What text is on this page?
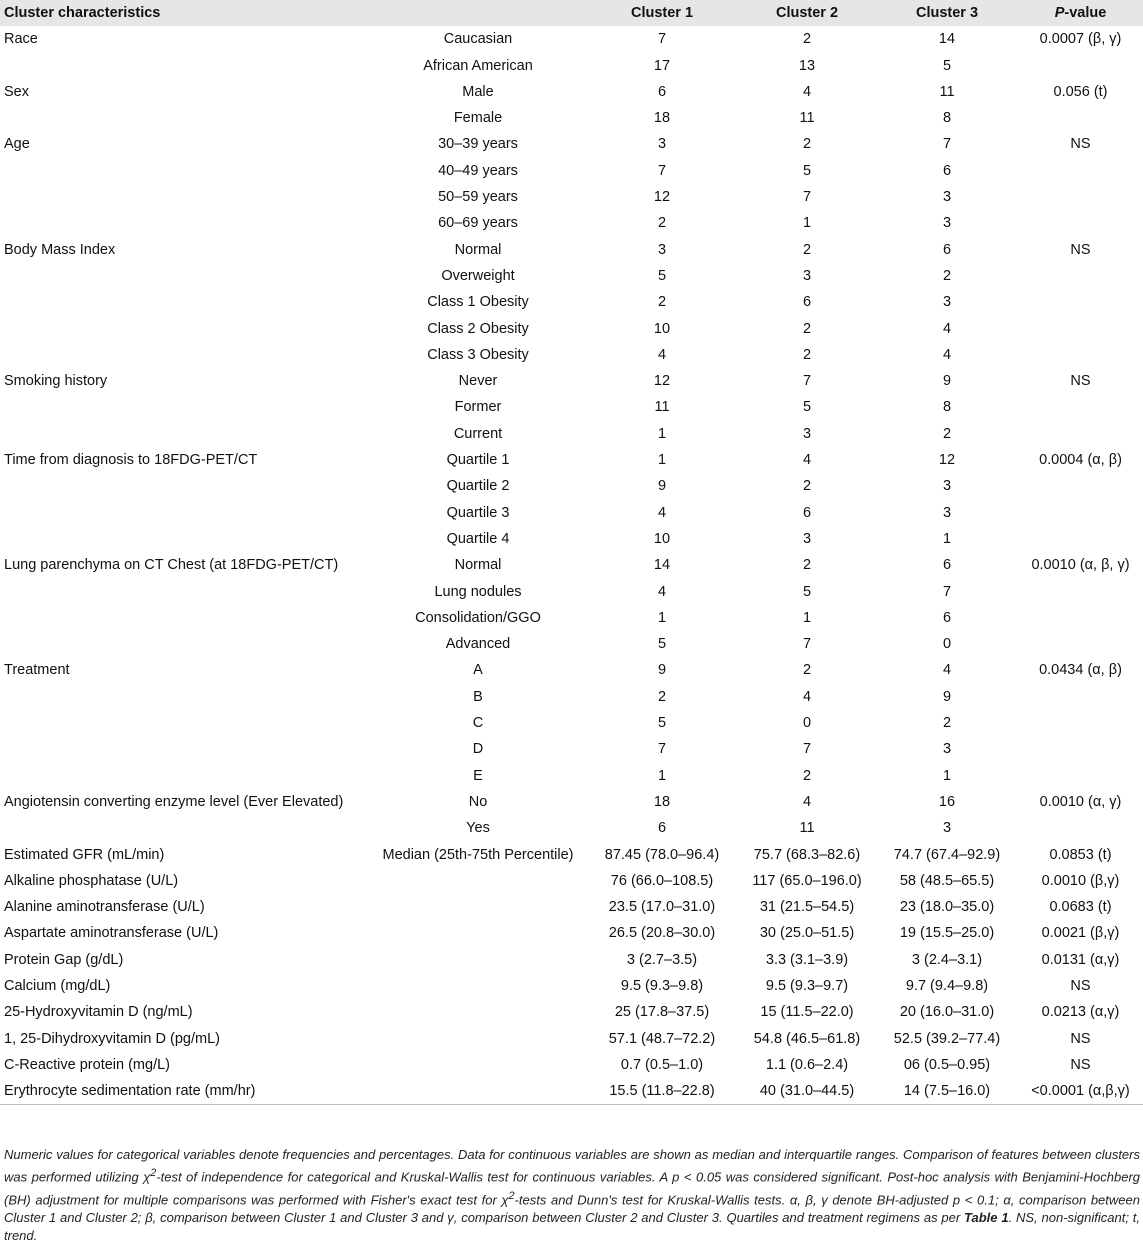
Cluster characteristics		Cluster 1	Cluster 2	Cluster 3	P-value
Race	Caucasian	7	2	14	0.0007 (β, γ)
	African American	17	13	5	
Sex	Male	6	4	11	0.056 (t)
	Female	18	11	8	
Age	30–39 years	3	2	7	NS
	40–49 years	7	5	6	
	50–59 years	12	7	3	
	60–69 years	2	1	3	
Body Mass Index	Normal	3	2	6	NS
	Overweight	5	3	2	
	Class 1 Obesity	2	6	3	
	Class 2 Obesity	10	2	4	
	Class 3 Obesity	4	2	4	
Smoking history	Never	12	7	9	NS
	Former	11	5	8	
	Current	1	3	2	
Time from diagnosis to 18FDG-PET/CT	Quartile 1	1	4	12	0.0004 (α, β)
	Quartile 2	9	2	3	
	Quartile 3	4	6	3	
	Quartile 4	10	3	1	
Lung parenchyma on CT Chest (at 18FDG-PET/CT)	Normal	14	2	6	0.0010 (α, β, γ)
	Lung nodules	4	5	7	
	Consolidation/GGO	1	1	6	
	Advanced	5	7	0	
Treatment	A	9	2	4	0.0434 (α, β)
	B	2	4	9	
	C	5	0	2	
	D	7	7	3	
	E	1	2	1	
Angiotensin converting enzyme level (Ever Elevated)	No	18	4	16	0.0010 (α, γ)
	Yes	6	11	3	
Estimated GFR (mL/min)	Median (25th-75th Percentile)	87.45 (78.0–96.4)	75.7 (68.3–82.6)	74.7 (67.4–92.9)	0.0853 (t)
Alkaline phosphatase (U/L)		76 (66.0–108.5)	117 (65.0–196.0)	58 (48.5–65.5)	0.0010 (β,γ)
Alanine aminotransferase (U/L)		23.5 (17.0–31.0)	31 (21.5–54.5)	23 (18.0–35.0)	0.0683 (t)
Aspartate aminotransferase (U/L)		26.5 (20.8–30.0)	30 (25.0–51.5)	19 (15.5–25.0)	0.0021 (β,γ)
Protein Gap (g/dL)		3 (2.7–3.5)	3.3 (3.1–3.9)	3 (2.4–3.1)	0.0131 (α,γ)
Calcium (mg/dL)		9.5 (9.3–9.8)	9.5 (9.3–9.7)	9.7 (9.4–9.8)	NS
25-Hydroxyvitamin D (ng/mL)		25 (17.8–37.5)	15 (11.5–22.0)	20 (16.0–31.0)	0.0213 (α,γ)
1, 25-Dihydroxyvitamin D (pg/mL)		57.1 (48.7–72.2)	54.8 (46.5–61.8)	52.5 (39.2–77.4)	NS
C-Reactive protein (mg/L)		0.7 (0.5–1.0)	1.1 (0.6–2.4)	06 (0.5–0.95)	NS
Erythrocyte sedimentation rate (mm/hr)		15.5 (11.8–22.8)	40 (31.0–44.5)	14 (7.5–16.0)	<0.0001 (α,β,γ)
Numeric values for categorical variables denote frequencies and percentages. Data for continuous variables are shown as median and interquartile ranges. Comparison of features between clusters was performed utilizing $\chi^2$-test of independence for categorical and Kruskal-Wallis test for continuous variables. A p < 0.05 was considered significant. Post-hoc analysis with Benjamini-Hochberg (BH) adjustment for multiple comparisons was performed with Fisher's exact test for $\chi^2$-tests and Dunn's test for Kruskal-Wallis tests. α, β, γ denote BH-adjusted p < 0.1; α, comparison between Cluster 1 and Cluster 2; β, comparison between Cluster 1 and Cluster 3 and γ, comparison between Cluster 2 and Cluster 3. Quartiles and treatment regimens as per Table 1. NS, non-significant; t, trend.
